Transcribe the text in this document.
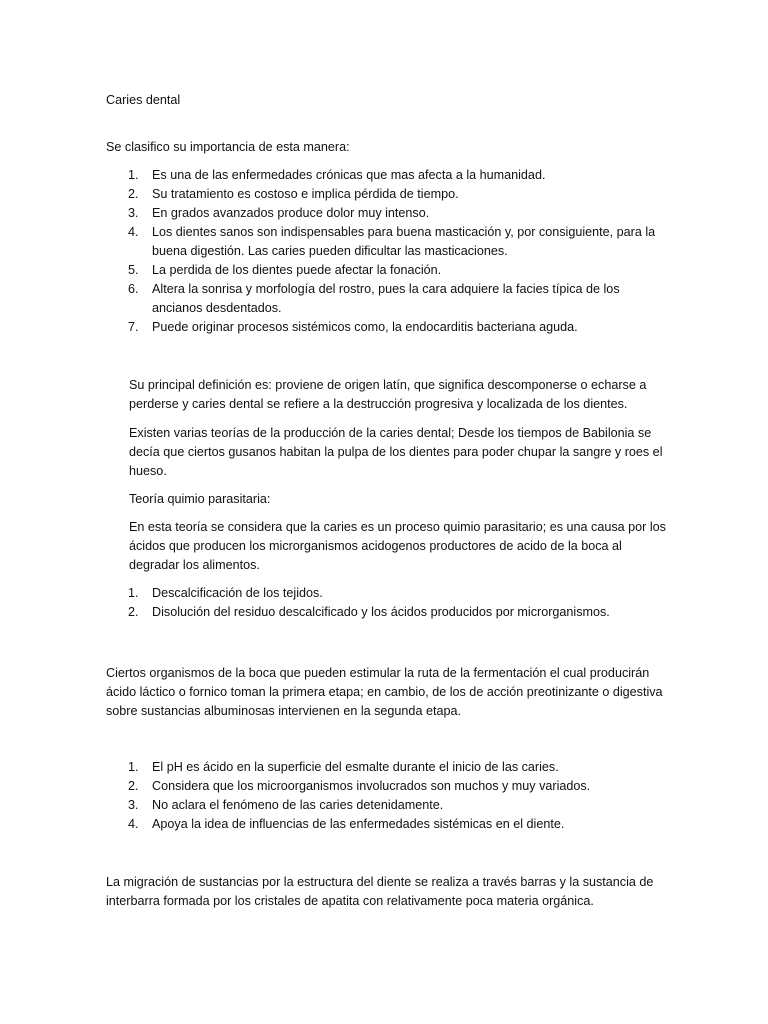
Caries dental

Se clasifico su importancia de esta manera:

1. Es una de las enfermedades crónicas que mas afecta a la humanidad.
2. Su tratamiento es costoso e implica pérdida de tiempo.
3. En grados avanzados produce dolor muy intenso.
4. Los dientes sanos son indispensables para buena masticación y, por consiguiente, para la buena digestión. Las caries pueden dificultar las masticaciones.
5. La perdida de los dientes puede afectar la fonación.
6. Altera la sonrisa y morfología del rostro, pues la cara adquiere la facies típica de los ancianos desdentados.
7. Puede originar procesos sistémicos como, la endocarditis bacteriana aguda.

Su principal definición es: proviene de origen latín, que significa descomponerse o echarse a perderse y caries dental se refiere a la destrucción progresiva y localizada de los dientes.

Existen varias teorías de la producción de la caries dental; Desde los tiempos de Babilonia se decía que ciertos gusanos habitan la pulpa de los dientes para poder chupar la sangre y roes el hueso.

Teoría quimio parasitaria:

En esta teoría se considera que la caries es un proceso quimio parasitario; es una causa por los ácidos que producen los microrganismos acidogenos productores de acido de la boca al degradar los alimentos.

1. Descalcificación de los tejidos.
2. Disolución del residuo descalcificado y los ácidos producidos por microrganismos.

Ciertos organismos de la boca que pueden estimular la ruta de la fermentación el cual producirán ácido láctico o fornico toman la primera etapa; en cambio, de los de acción preotinizante o digestiva sobre sustancias albuminosas intervienen en la segunda etapa.

1. El pH es ácido en la superficie del esmalte durante el inicio de las caries.
2. Considera que los microorganismos involucrados son muchos y muy variados.
3. No aclara el fenómeno de las caries detenidamente.
4. Apoya la idea de influencias de las enfermedades sistémicas en el diente.

La migración de sustancias por la estructura del diente se realiza a través barras y la sustancia de interbarra formada por los cristales de apatita con relativamente poca materia orgánica.
